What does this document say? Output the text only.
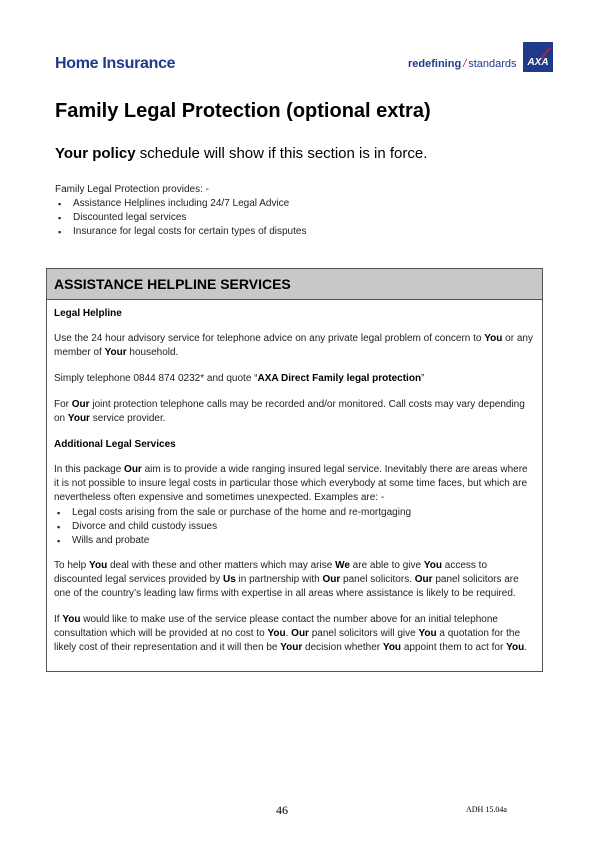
Home Insurance	redefining / standards AXA
Family Legal Protection (optional extra)
Your policy schedule will show if this section is in force.
Family Legal Protection provides: -
▪ Assistance Helplines including 24/7 Legal Advice
▪ Discounted legal services
▪ Insurance for legal costs for certain types of disputes
ASSISTANCE HELPLINE SERVICES

Legal Helpline

Use the 24 hour advisory service for telephone advice on any private legal problem of concern to You or any member of Your household.

Simply telephone 0844 874 0232* and quote “AXA Direct Family legal protection”

For Our joint protection telephone calls may be recorded and/or monitored. Call costs may vary depending on Your service provider.

Additional Legal Services

In this package Our aim is to provide a wide ranging insured legal service. Inevitably there are areas where it is not possible to insure legal costs in particular those which everybody at some time faces, but which are nevertheless often expensive and sometimes unexpected. Examples are: -

▪ Legal costs arising from the sale or purchase of the home and re-mortgaging
▪ Divorce and child custody issues
▪ Wills and probate

To help You deal with these and other matters which may arise We are able to give You access to discounted legal services provided by Us in partnership with Our panel solicitors. Our panel solicitors are one of the country’s leading law firms with expertise in all areas where assistance is likely to be required.

If You would like to make use of the service please contact the number above for an initial telephone consultation which will be provided at no cost to You. Our panel solicitors will give You a quotation for the likely cost of their representation and it will then be Your decision whether You appoint them to act for You.

46	ADH 15.04a
